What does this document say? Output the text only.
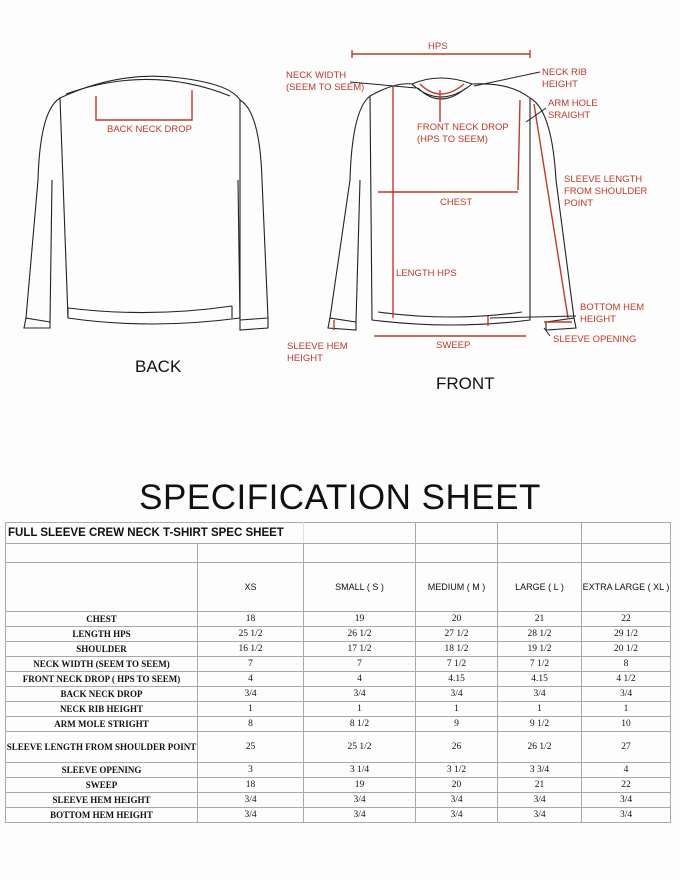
BACK
FRONT
BACK NECK DROP
HPS
NECK WIDTH
(SEEM TO SEEM)
NECK RIB
HEIGHT
ARM HOLE
SRAIGHT
FRONT NECK DROP
(HPS TO SEEM)
SLEEVE LENGTH
FROM SHOULDER
POINT
CHEST
LENGTH HPS
BOTTOM HEM
HEIGHT
SLEEVE OPENING
SLEEVE HEM
HEIGHT
SWEEP
SPECIFICATION SHEET
FULL SLEEVE CREW NECK T-SHIRT SPEC SHEET					

	XS	SMALL ( S )	MEDIUM ( M )	LARGE ( L )	EXTRA LARGE ( XL )
CHEST	18	19	20	21	22
LENGTH HPS	25 1/2	26 1/2	27 1/2	28 1/2	29 1/2
SHOULDER	16 1/2	17 1/2	18 1/2	19 1/2	20 1/2
NECK WIDTH (SEEM TO SEEM)	7	7	7 1/2	7 1/2	8
FRONT NECK DROP ( HPS TO SEEM)	4	4	4.15	4.15	4 1/2
BACK NECK DROP	3/4	3/4	3/4	3/4	3/4
NECK RIB HEIGHT	1	1	1	1	1
ARM MOLE STRIGHT	8	8 1/2	9	9 1/2	10
SLEEVE LENGTH FROM SHOULDER POINT	25	25 1/2	26	26 1/2	27
SLEEVE OPENING	3	3 1/4	3 1/2	3 3/4	4
SWEEP	18	19	20	21	22
SLEEVE HEM HEIGHT	3/4	3/4	3/4	3/4	3/4
BOTTOM HEM HEIGHT	3/4	3/4	3/4	3/4	3/4
